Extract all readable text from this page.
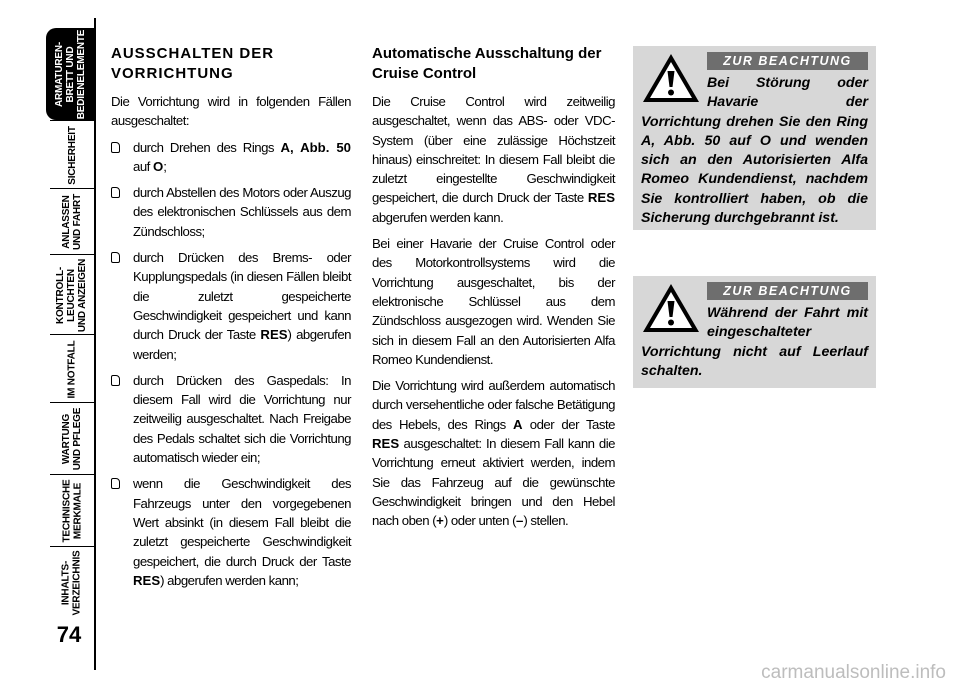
ARMATUREN-
BRETT UND
BEDIENELEMENTE
SICHERHEIT
ANLASSEN
UND FAHRT
KONTROLL-
LEUCHTEN
UND ANZEIGEN
IM NOTFALL
WARTUNG
UND PFLEGE
TECHNISCHE
MERKMALE
INHALTS-
VERZEICHNIS
74
AUSSCHALTEN DER VORRICHTUNG

Die Vorrichtung wird in folgenden Fällen ausgeschaltet:

durch Drehen des Rings A, Abb. 50 auf O;
durch Abstellen des Motors oder Auszug des elektronischen Schlüssels aus dem Zündschloss;
durch Drücken des Brems- oder Kupplungspedals (in diesen Fällen bleibt die zuletzt gespeicherte Geschwindigkeit gespeichert und kann durch Druck der Taste RES) abgerufen werden;
durch Drücken des Gaspedals: In diesem Fall wird die Vorrichtung nur zeitweilig ausgeschaltet. Nach Freigabe des Pedals schaltet sich die Vorrichtung automatisch wieder ein;
wenn die Geschwindigkeit des Fahrzeugs unter den vorgegebenen Wert absinkt (in diesem Fall bleibt die zuletzt gespeicherte Geschwindigkeit gespeichert, die durch Druck der Taste RES) abgerufen werden kann;
Automatische Ausschaltung der Cruise Control

Die Cruise Control wird zeitweilig ausgeschaltet, wenn das ABS- oder VDC-System (über eine zulässige Höchstzeit hinaus) einschreitet: In diesem Fall bleibt die zuletzt eingestellte Geschwindigkeit gespeichert, die durch Druck der Taste RES abgerufen werden kann.

Bei einer Havarie der Cruise Control oder des Motorkontrollsystems wird die Vorrichtung ausgeschaltet, bis der elektronische Schlüssel aus dem Zündschloss ausgezogen wird. Wenden Sie sich in diesem Fall an den Autorisierten Alfa Romeo Kundendienst.

Die Vorrichtung wird außerdem automatisch durch versehentliche oder falsche Betätigung des Hebels, des Rings A oder der Taste RES ausgeschaltet: In diesem Fall kann die Vorrichtung erneut aktiviert werden, indem Sie das Fahrzeug auf die gewünschte Geschwindigkeit bringen und den Hebel nach oben (+) oder unten (–) stellen.

ZUR BEACHTUNG

Bei Störung oder Havarie der Vorrichtung drehen Sie den Ring A, Abb. 50 auf O und wenden sich an den Autorisierten Alfa Romeo Kundendienst, nachdem Sie kontrolliert haben, ob die Sicherung durchgebrannt ist.

ZUR BEACHTUNG

Während der Fahrt mit eingeschalteter Vorrichtung nicht auf Leerlauf schalten.

carmanualsonline.info
